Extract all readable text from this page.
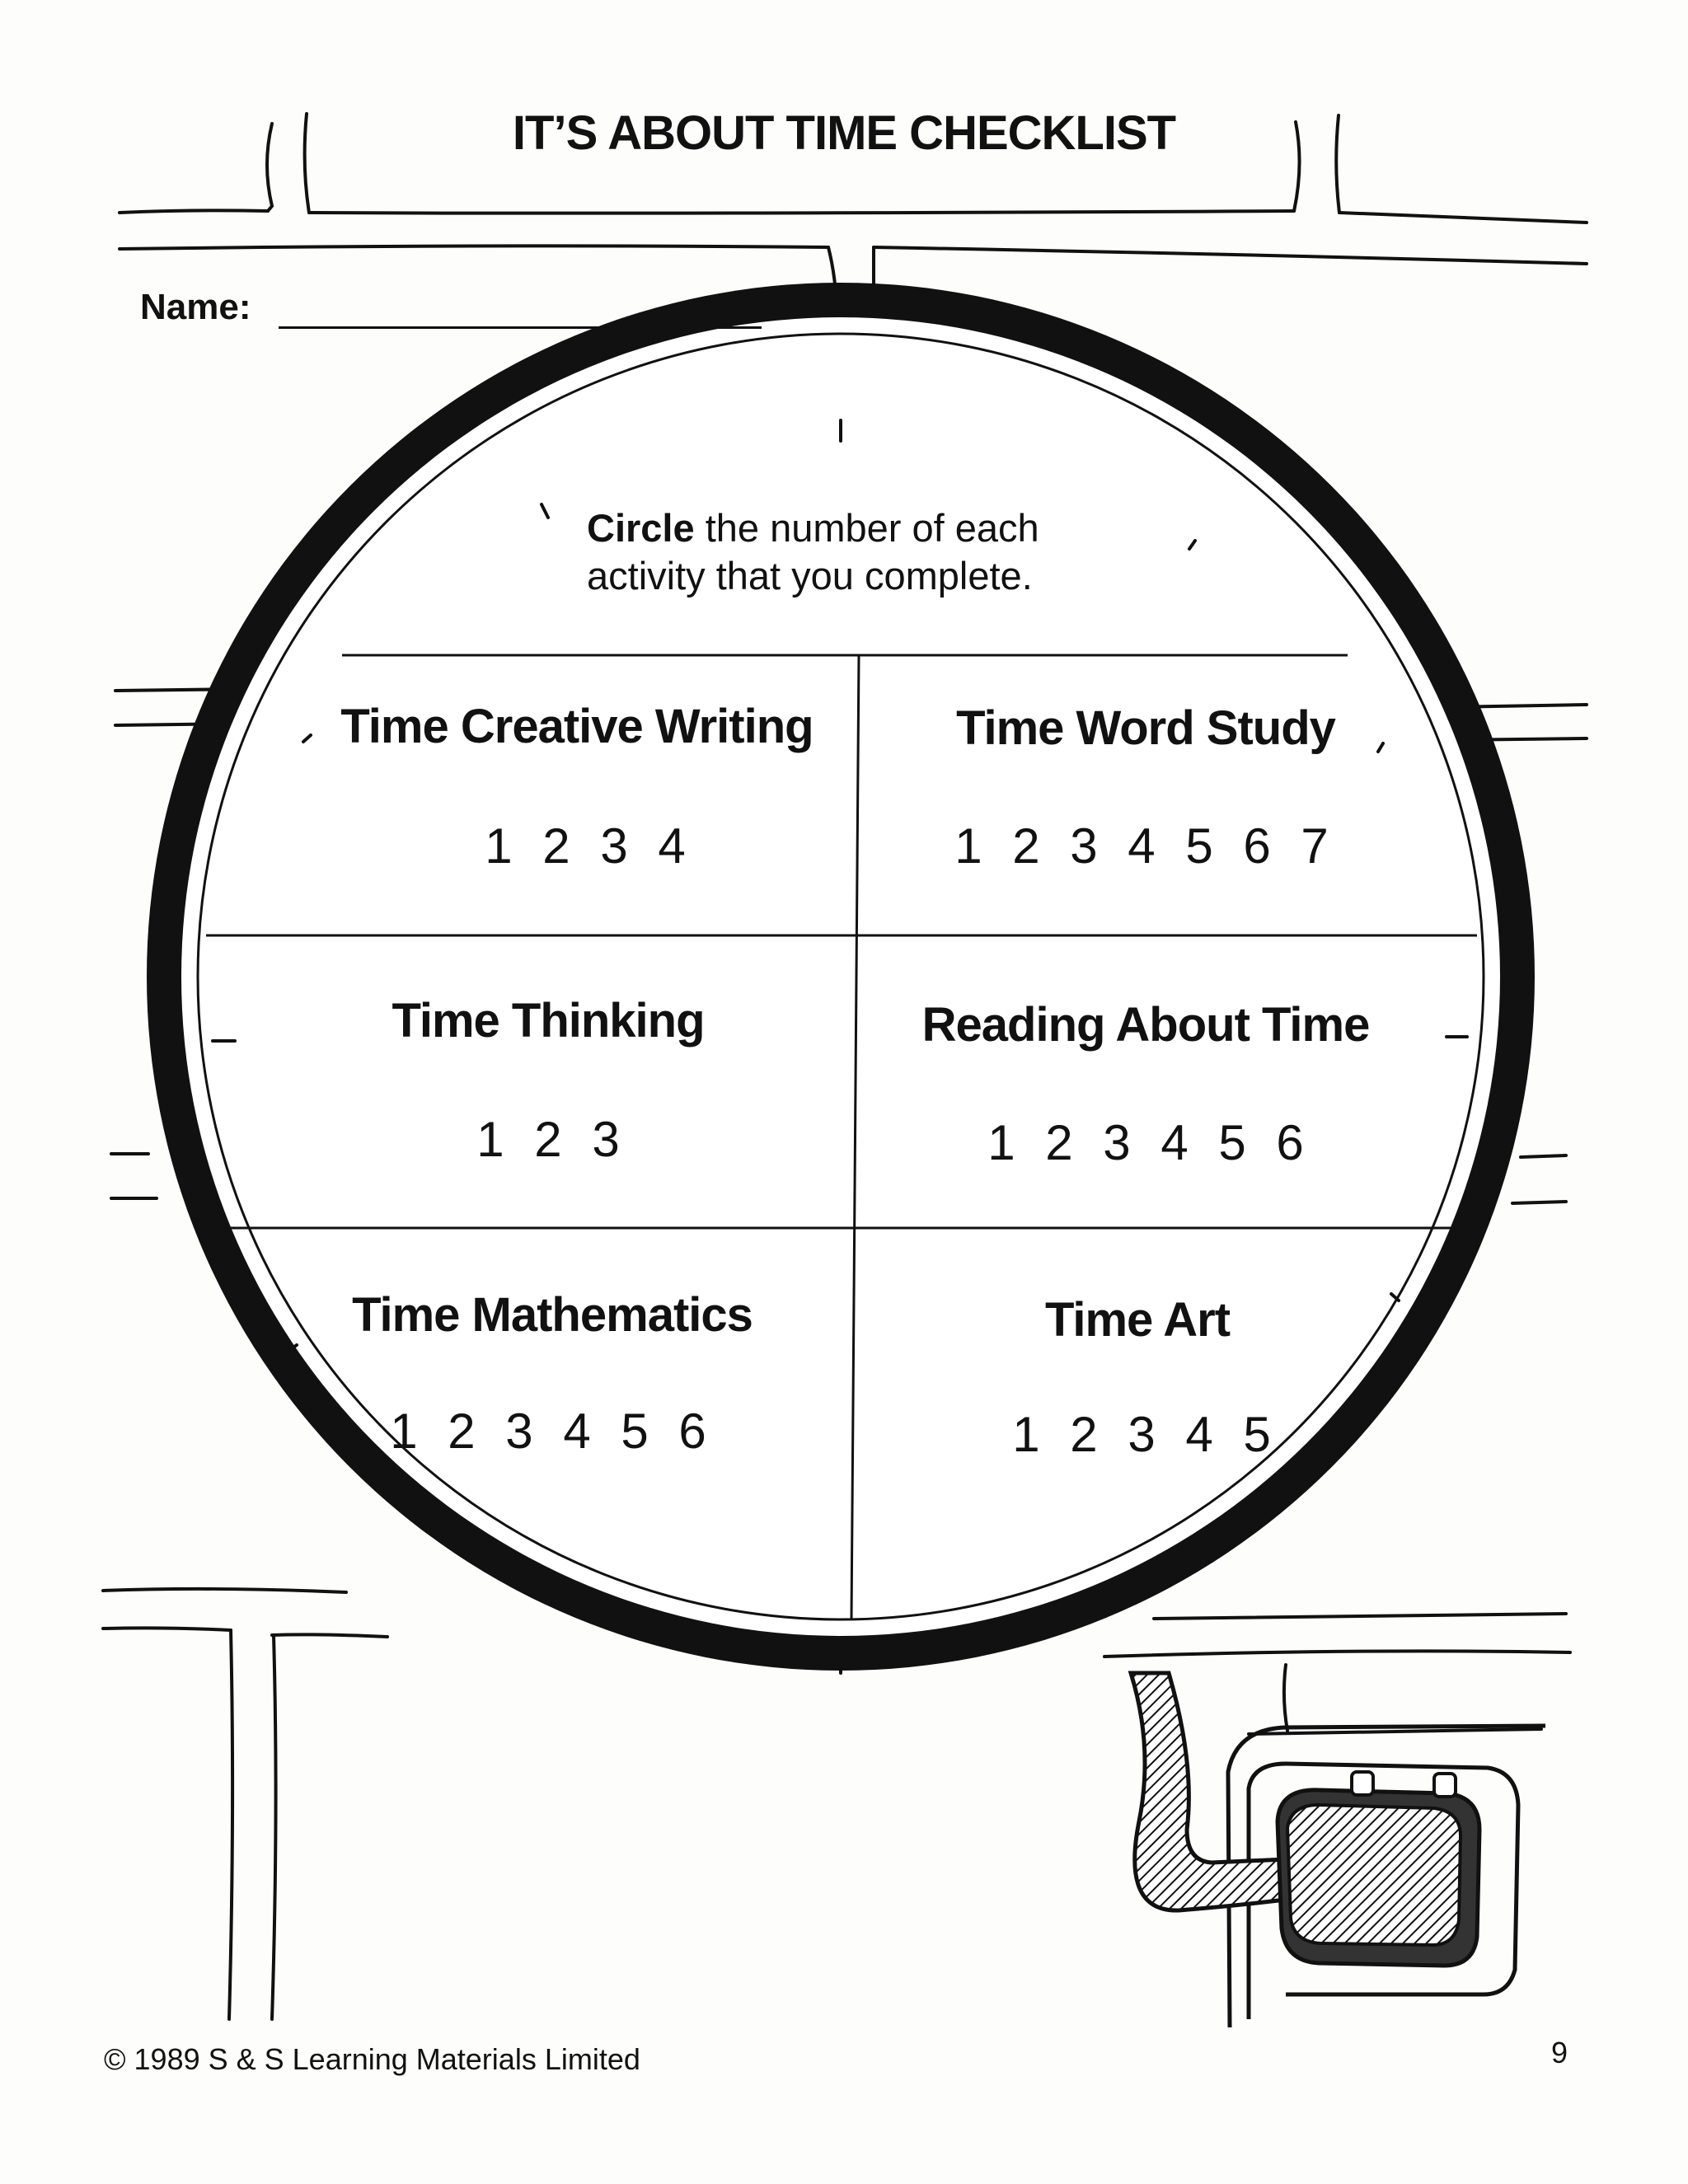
IT’S ABOUT TIME CHECKLIST
Name:
Circle the number of each
activity that you complete.
Time Creative Writing
1 2 3 4
Time Word Study
1 2 3 4 5 6 7
Time Thinking
1 2 3
Reading About Time
1 2 3 4 5 6
Time Mathematics
1 2 3 4 5 6
Time Art
1 2 3 4 5
© 1989 S & S Learning Materials Limited	9
